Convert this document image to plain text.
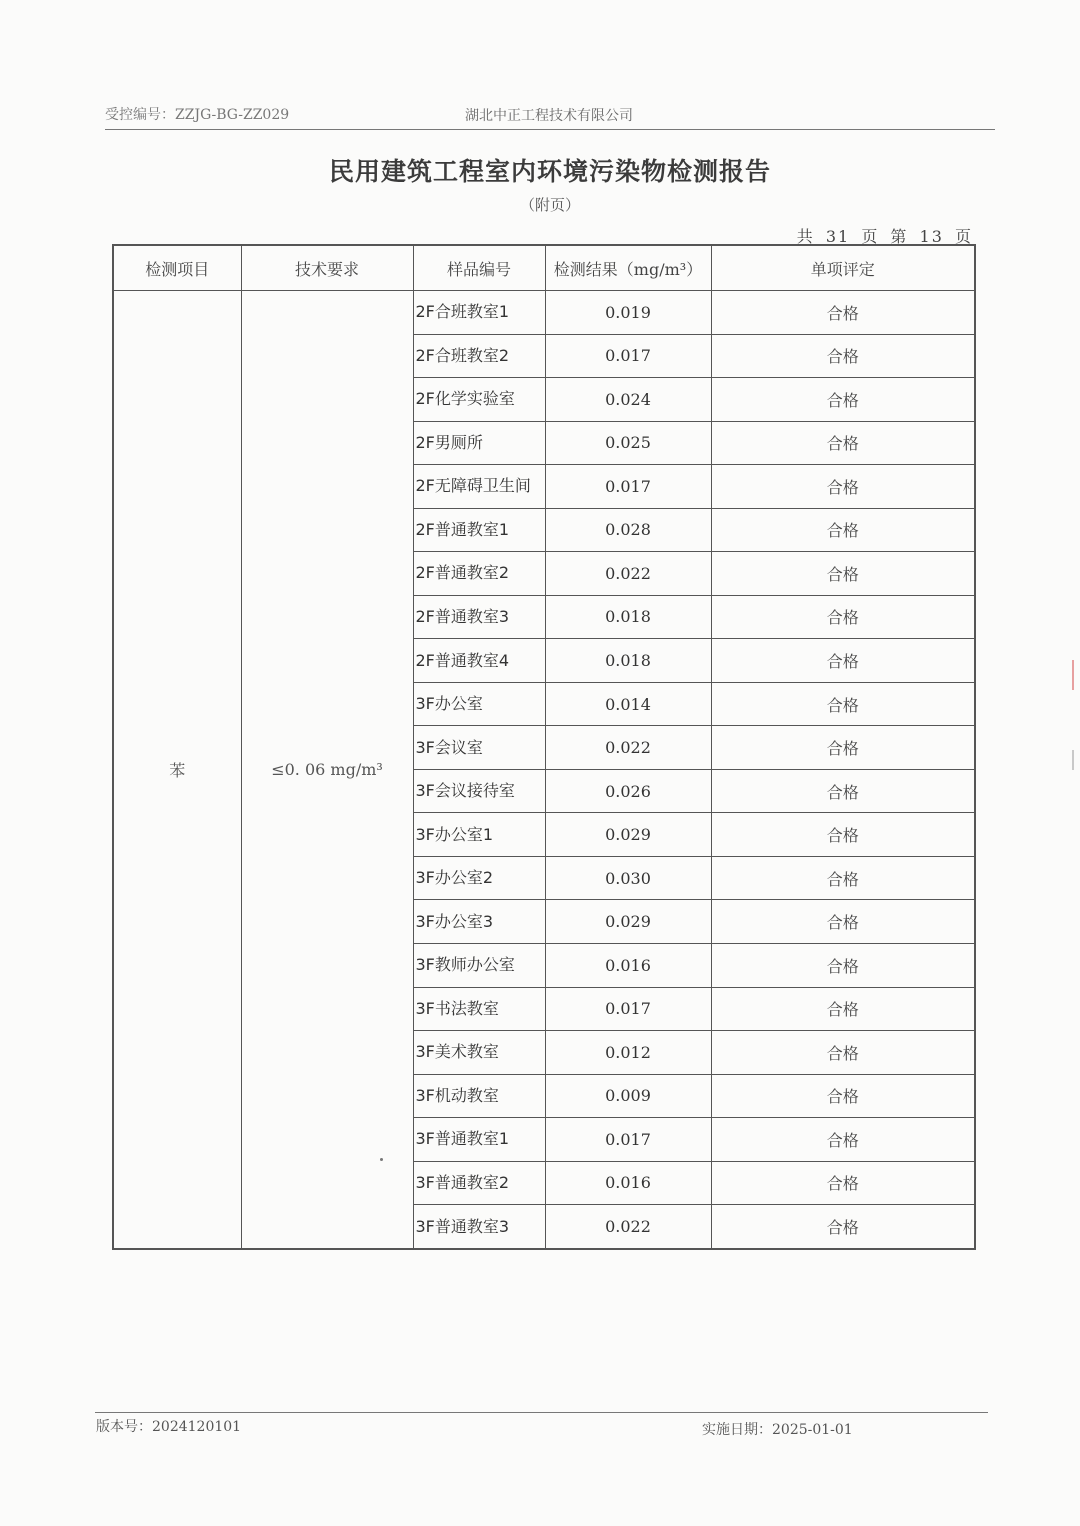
受控编号：ZZJG-BG-ZZ029	湖北中正工程技术有限公司
民用建筑工程室内环境污染物检测报告
（附页）
共 31 页 第 13 页
检测项目	技术要求	样品编号	检测结果（mg/m³）	单项评定
苯	≤0. 06 mg/m³	2F合班教室1	0.019	合格
		2F合班教室2	0.017	合格
		2F化学实验室	0.024	合格
		2F男厕所	0.025	合格
		2F无障碍卫生间	0.017	合格
		2F普通教室1	0.028	合格
		2F普通教室2	0.022	合格
		2F普通教室3	0.018	合格
		2F普通教室4	0.018	合格
		3F办公室	0.014	合格
		3F会议室	0.022	合格
		3F会议接待室	0.026	合格
		3F办公室1	0.029	合格
		3F办公室2	0.030	合格
		3F办公室3	0.029	合格
		3F教师办公室	0.016	合格
		3F书法教室	0.017	合格
		3F美术教室	0.012	合格
		3F机动教室	0.009	合格
		3F普通教室1	0.017	合格
		3F普通教室2	0.016	合格
		3F普通教室3	0.022	合格
版本号：2024120101	实施日期：2025-01-01
